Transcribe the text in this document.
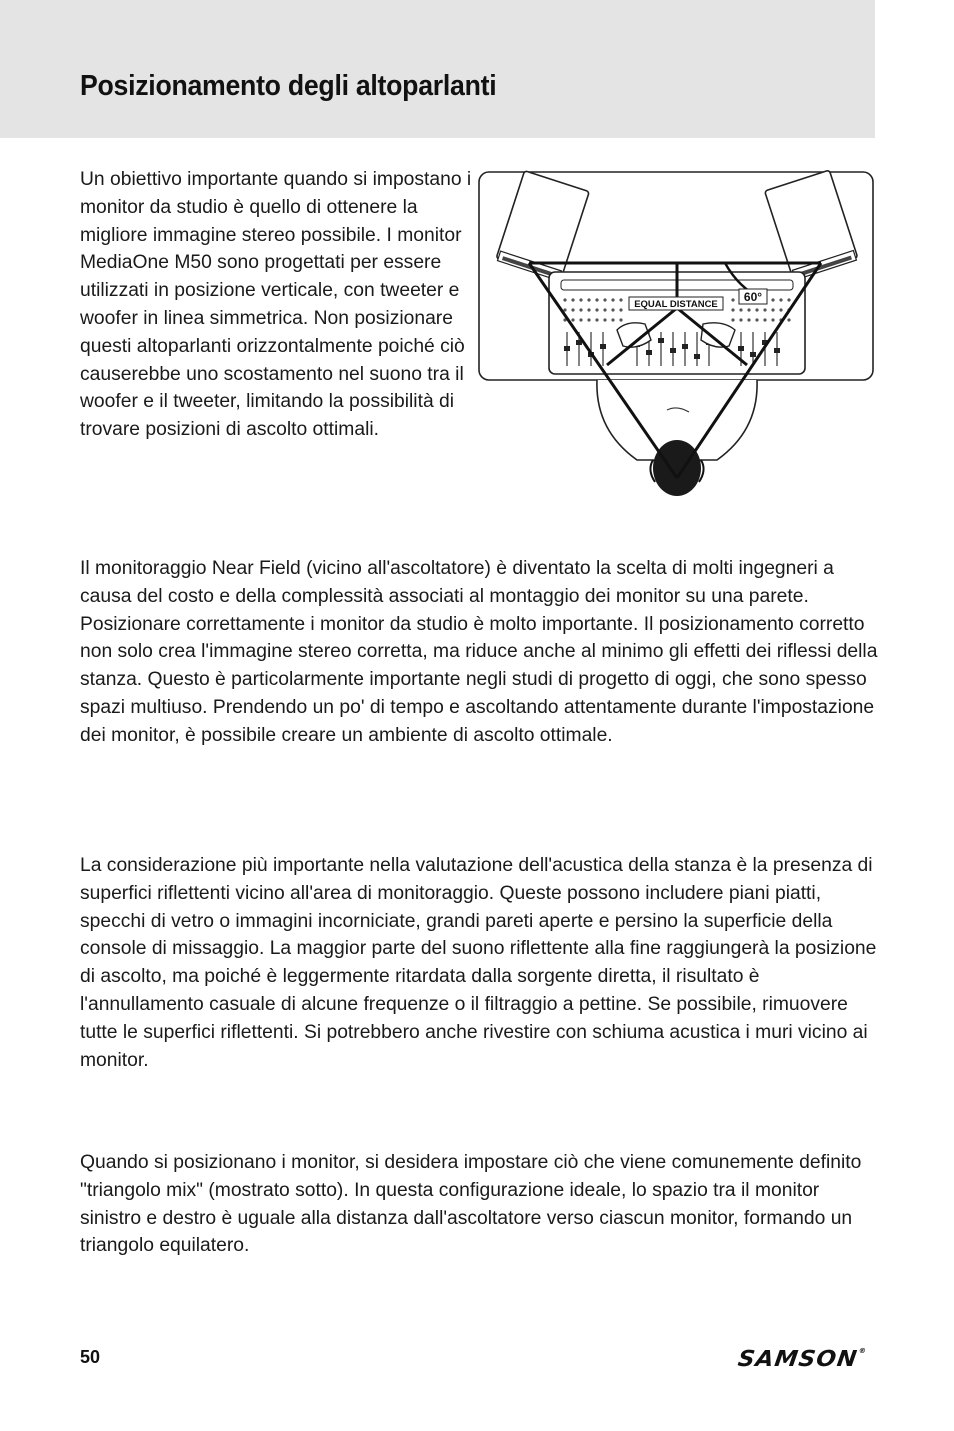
Posizionamento degli altoparlanti

Un obiettivo importante quando si impostano i monitor da studio è quello di ottenere la migliore immagine stereo possibile. I monitor MediaOne M50 sono progettati per essere utilizzati in posizione verticale, con tweeter e woofer in linea simmetrica. Non posizionare questi altoparlanti orizzontalmente poiché ciò causerebbe uno scostamento nel suono tra il woofer e il tweeter, limitando la possibilità di trovare posizioni di ascolto ottimali.

EQUAL DISTANCE
60°

Il monitoraggio Near Field (vicino all'ascoltatore) è diventato la scelta di molti ingegneri a causa del costo e della complessità associati al montaggio dei monitor su una parete. Posizionare correttamente i monitor da studio è molto importante. Il posizionamento corretto non solo crea l'immagine stereo corretta, ma riduce anche al minimo gli effetti dei riflessi della stanza. Questo è particolarmente importante negli studi di progetto di oggi, che sono spesso spazi multiuso. Prendendo un po' di tempo e ascoltando attentamente durante l'impostazione dei monitor, è possibile creare un ambiente di ascolto ottimale.

La considerazione più importante nella valutazione dell'acustica della stanza è la presenza di superfici riflettenti vicino all'area di monitoraggio. Queste possono includere piani piatti, specchi di vetro o immagini incorniciate, grandi pareti aperte e persino la superficie della console di missaggio. La maggior parte del suono riflettente alla fine raggiungerà la posizione di ascolto, ma poiché è leggermente ritardata dalla sorgente diretta, il risultato è l'annullamento casuale di alcune frequenze o il filtraggio a pettine. Se possibile, rimuovere tutte le superfici riflettenti. Si potrebbero anche rivestire con schiuma acustica i muri vicino ai monitor.

Quando si posizionano i monitor, si desidera impostare ciò che viene comunemente definito "triangolo mix" (mostrato sotto). In questa configurazione ideale, lo spazio tra il monitor sinistro e destro è uguale alla distanza dall'ascoltatore verso ciascun monitor, formando un triangolo equilatero.

50	SAMSON®
